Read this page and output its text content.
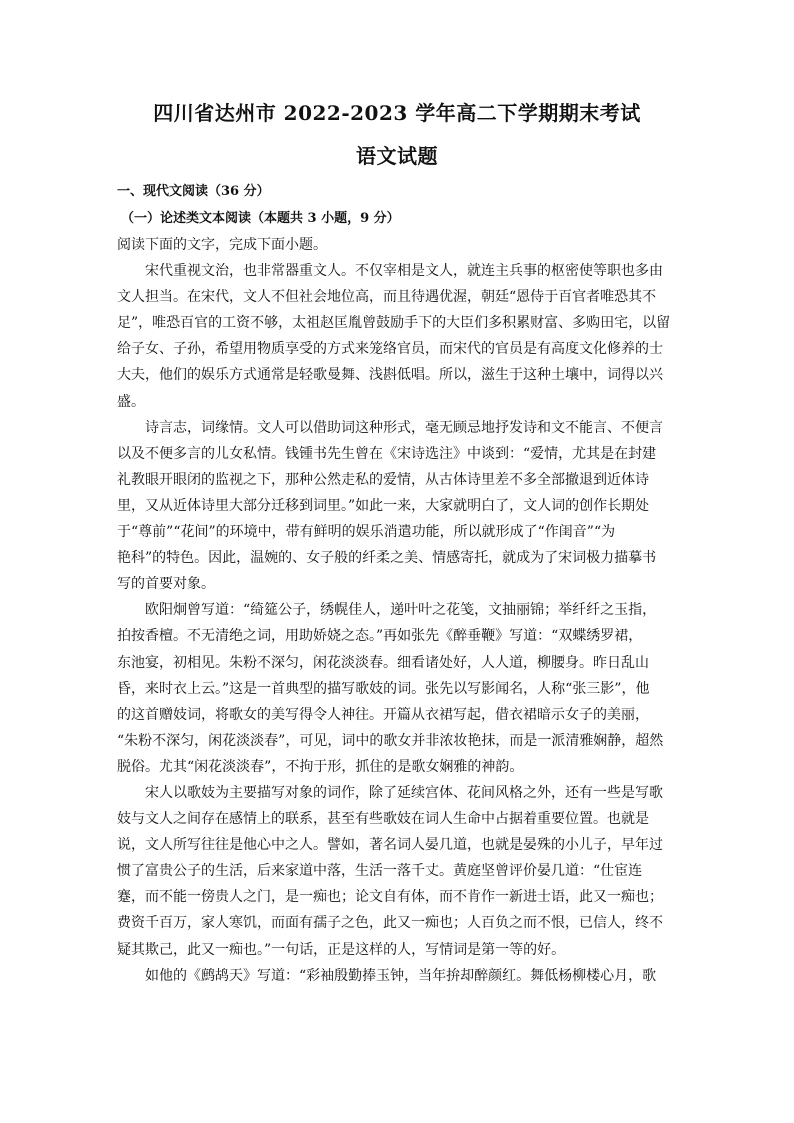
四川省达州市 2022-2023 学年高二下学期期末考试
语文试题
一、现代文阅读（36 分）
（一）论述类文本阅读（本题共 3 小题，9 分）
阅读下面的文字，完成下面小题。
宋代重视文治，也非常器重文人。不仅宰相是文人，就连主兵事的枢密使等职也多由
文人担当。在宋代，文人不但社会地位高，而且待遇优渥，朝廷“恩侍于百官者唯恐其不
足”，唯恐百官的工资不够，太祖赵匡胤曾鼓励手下的大臣们多积累财富、多购田宅，以留
给子女、子孙，希望用物质享受的方式来笼络官员，而宋代的官员是有高度文化修养的士
大夫，他们的娱乐方式通常是轻歌曼舞、浅斟低唱。所以，滋生于这种土壤中，词得以兴
盛。
诗言志，词缘情。文人可以借助词这种形式，毫无顾忌地抒发诗和文不能言、不便言
以及不便多言的儿女私情。钱锺书先生曾在《宋诗选注》中谈到：“爱情，尤其是在封建
礼教眼开眼闭的监视之下，那种公然走私的爱情，从古体诗里差不多全部撤退到近体诗
里，又从近体诗里大部分迁移到词里。”如此一来，大家就明白了，文人词的创作长期处
于“尊前”“花间”的环境中，带有鲜明的娱乐消遣功能，所以就形成了“作闺音”“为
艳科”的特色。因此，温婉的、女子般的纤柔之美、情感寄托，就成为了宋词极力描摹书
写的首要对象。
欧阳炯曾写道：“绮筵公子，绣幌佳人，递叶叶之花笺，文抽丽锦；举纤纤之玉指，
拍按香檀。不无清绝之词，用助娇娆之态。”再如张先《醉垂鞭》写道：“双蝶绣罗裙，
东池宴，初相见。朱粉不深匀，闲花淡淡春。细看诸处好，人人道，柳腰身。昨日乱山
昏，来时衣上云。”这是一首典型的描写歌妓的词。张先以写影闻名，人称“张三影”，他
的这首赠妓词，将歌女的美写得令人神往。开篇从衣裙写起，借衣裙暗示女子的美丽，
“朱粉不深匀，闲花淡淡春”，可见，词中的歌女并非浓妆艳抹，而是一派清雅娴静，超然
脱俗。尤其“闲花淡淡春”，不拘于形，抓住的是歌女娴雅的神韵。
宋人以歌妓为主要描写对象的词作，除了延续宫体、花间风格之外，还有一些是写歌
妓与文人之间存在感情上的联系，甚至有些歌妓在词人生命中占据着重要位置。也就是
说，文人所写往往是他心中之人。譬如，著名词人晏几道，也就是晏殊的小儿子，早年过
惯了富贵公子的生活，后来家道中落，生活一落千丈。黄庭坚曾评价晏几道：“仕宦连
蹇，而不能一傍贵人之门，是一痴也；论文自有体，而不肯作一新进士语，此又一痴也；
费资千百万，家人寒饥，而面有孺子之色，此又一痴也；人百负之而不恨，已信人，终不
疑其欺己，此又一痴也。”一句话，正是这样的人，写情词是第一等的好。
如他的《鹧鸪天》写道：“彩袖殷勤捧玉钟，当年拚却醉颜红。舞低杨柳楼心月，歌
